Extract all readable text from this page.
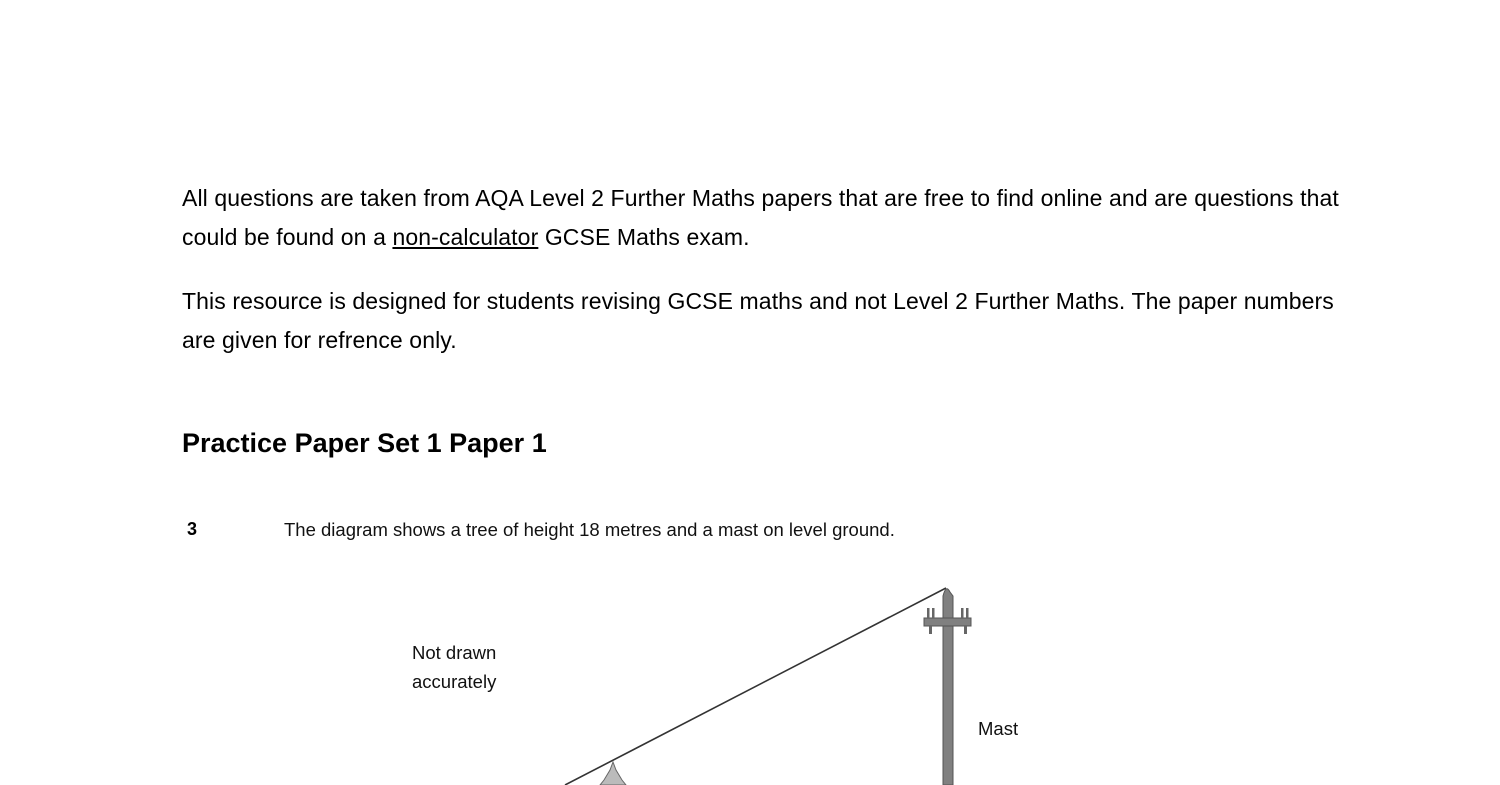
All questions are taken from AQA Level 2 Further Maths papers that are free to find online and are questions that could be found on a non-calculator GCSE Maths exam.
This resource is designed for students revising GCSE maths and not Level 2 Further Maths. The paper numbers are given for refrence only.
Practice Paper Set 1 Paper 1
3	The diagram shows a tree of height 18 metres and a mast on level ground.
Not drawn
accurately
Mast
